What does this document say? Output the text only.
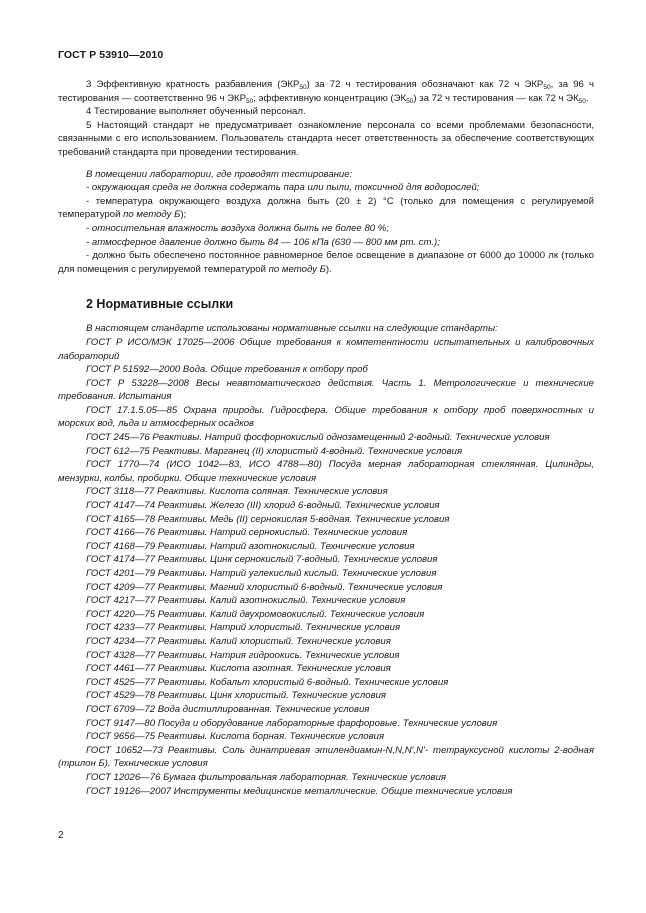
ГОСТ Р 53910—2010

3 Эффективную кратность разбавления $(ЭКР_{50})$ за 72 ч тестирования обозначают как 72 ч $ЭКР_{50}$, за 96 ч тестирования — соответственно 96 ч $ЭКР_{50}$; эффективную концентрацию $(ЭК_{50})$ за 72 ч тестирования — как 72 ч $ЭК_{50}$.

4 Тестирование выполняет обученный персонал.

5 Настоящий стандарт не предусматривает ознакомление персонала со всеми проблемами безопасности, связанными с его использованием. Пользователь стандарта несет ответственность за обеспечение соответствующих требований стандарта при проведении тестирования.

В помещении лаборатории, где проводят тестирование:

- окружающая среда не должна содержать пара или пыли, токсичной для водорослей;

- температура окружающего воздуха должна быть (20 ± 2) °С (только для помещения с регулируемой температурой по методу Б);

- относительная влажность воздуха должна быть не более 80 %;

- атмосферное давление должно быть 84 — 106 кПа (630 — 800 мм рт. ст.);

- должно быть обеспечено постоянное равномерное белое освещение в диапазоне от 6000 до 10000 лк (только для помещения с регулируемой температурой по методу Б).

2 Нормативные ссылки

В настоящем стандарте использованы нормативные ссылки на следующие стандарты:

ГОСТ Р ИСО/МЭК 17025—2006 Общие требования к компетентности испытательных и калибровочных лабораторий

ГОСТ Р 51592—2000 Вода. Общие требования к отбору проб

ГОСТ Р 53228—2008 Весы неавтоматического действия. Часть 1. Метрологические и технические требования. Испытания

ГОСТ 17.1.5.05—85 Охрана природы. Гидросфера. Общие требования к отбору проб поверхностных и морских вод, льда и атмосферных осадков

ГОСТ 245—76 Реактивы. Натрий фосфорнокислый однозамещенный 2-водный. Технические условия

ГОСТ 612—75 Реактивы. Марганец (II) хлористый 4-водный. Технические условия

ГОСТ 1770—74 (ИСО 1042—83, ИСО 4788—80) Посуда мерная лабораторная стеклянная. Цилиндры, мензурки, колбы, пробирки. Общие технические условия

ГОСТ 3118—77 Реактивы. Кислота соляная. Технические условия

ГОСТ 4147—74 Реактивы. Железо (III) хлорид 6-водный. Технические условия

ГОСТ 4165—78 Реактивы. Медь (II) сернокислая 5-водная. Технические условия

ГОСТ 4166—76 Реактивы. Натрий сернокислый. Технические условия

ГОСТ 4168—79 Реактивы. Натрий азотнокислый. Технические условия

ГОСТ 4174—77 Реактивы. Цинк сернокислый 7-водный. Технические условия

ГОСТ 4201—79 Реактивы. Натрий углекислый кислый. Технические условия

ГОСТ 4209—77 Реактивы. Магний хлористый 6-водный. Технические условия

ГОСТ 4217—77 Реактивы. Калий азотнокислый. Технические условия

ГОСТ 4220—75 Реактивы. Калий двухромовокислый. Технические условия

ГОСТ 4233—77 Реактивы. Натрий хлористый. Технические условия

ГОСТ 4234—77 Реактивы. Калий хлористый. Технические условия

ГОСТ 4328—77 Реактивы. Натрия гидроокись. Технические условия

ГОСТ 4461—77 Реактивы. Кислота азотная. Технические условия

ГОСТ 4525—77 Реактивы. Кобальт хлористый 6-водный. Технические условия

ГОСТ 4529—78 Реактивы. Цинк хлористый. Технические условия

ГОСТ 6709—72 Вода дистиллированная. Технические условия

ГОСТ 9147—80 Посуда и оборудование лабораторные фарфоровые. Технические условия

ГОСТ 9656—75 Реактивы. Кислота борная. Технические условия

ГОСТ 10652—73 Реактивы. Соль динатриевая этилендиамин-N,N,N′,N′- тетрауксусной кислоты 2-водная (трилон Б). Технические условия

ГОСТ 12026—76 Бумага фильтровальная лабораторная. Технические условия

ГОСТ 19126—2007 Инструменты медицинские металлические. Общие технические условия

2
